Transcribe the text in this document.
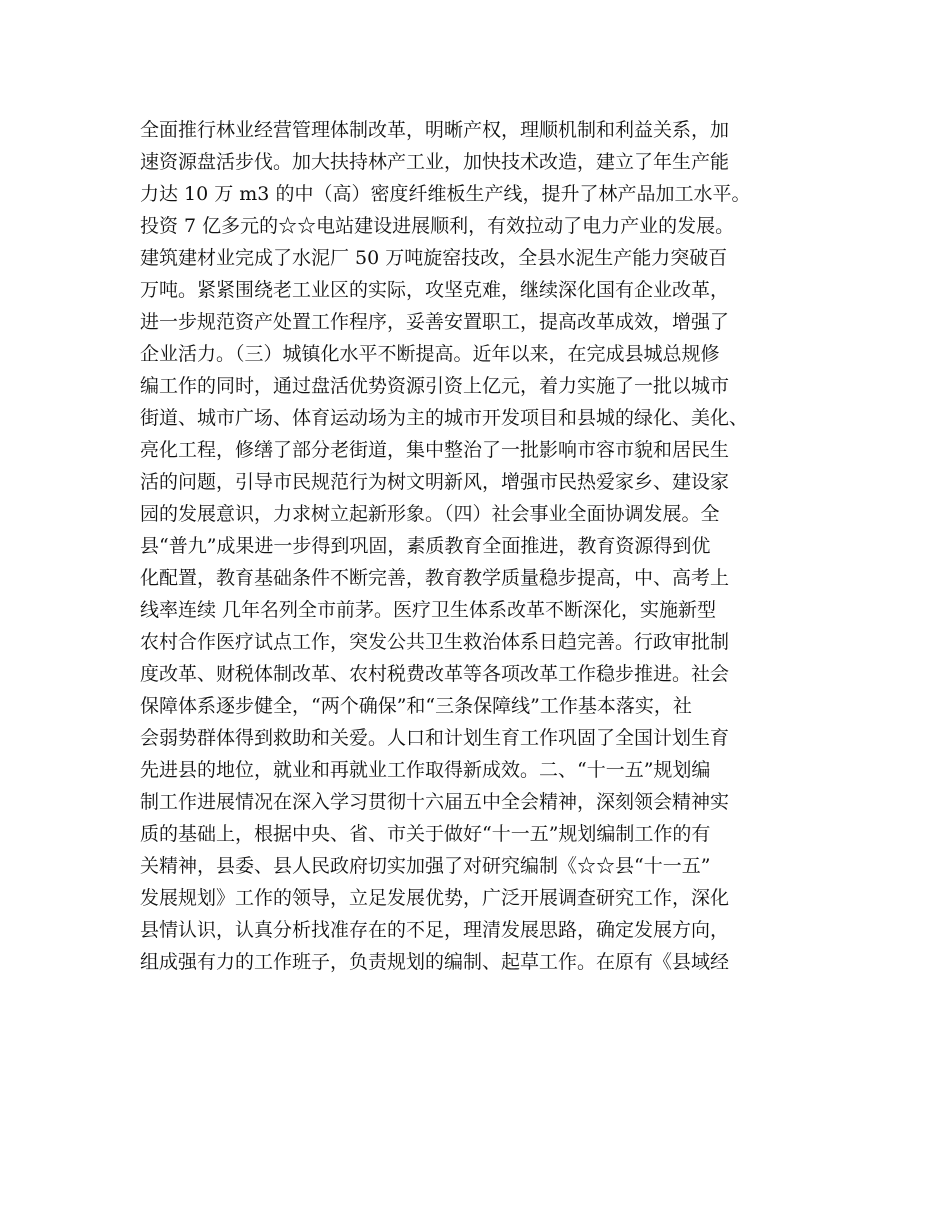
全面推行林业经营管理体制改革，明晰产权，理顺机制和利益关系，加
速资源盘活步伐。加大扶持林产工业，加快技术改造，建立了年生产能
力达 10 万 m3 的中（高）密度纤维板生产线，提升了林产品加工水平。
投资 7 亿多元的☆☆电站建设进展顺利，有效拉动了电力产业的发展。
建筑建材业完成了水泥厂 50 万吨旋窑技改，全县水泥生产能力突破百
万吨。紧紧围绕老工业区的实际，攻坚克难，继续深化国有企业改革，
进一步规范资产处置工作程序，妥善安置职工，提高改革成效，增强了
企业活力。（三）城镇化水平不断提高。近年以来，在完成县城总规修
编工作的同时，通过盘活优势资源引资上亿元，着力实施了一批以城市
街道、城市广场、体育运动场为主的城市开发项目和县城的绿化、美化、
亮化工程，修缮了部分老街道，集中整治了一批影响市容市貌和居民生
活的问题，引导市民规范行为树文明新风，增强市民热爱家乡、建设家
园的发展意识，力求树立起新形象。（四）社会事业全面协调发展。全
县“普九”成果进一步得到巩固，素质教育全面推进，教育资源得到优
化配置，教育基础条件不断完善，教育教学质量稳步提高，中、高考上
线率连续 几年名列全市前茅。医疗卫生体系改革不断深化，实施新型
农村合作医疗试点工作，突发公共卫生救治体系日趋完善。行政审批制
度改革、财税体制改革、农村税费改革等各项改革工作稳步推进。社会
保障体系逐步健全，“两个确保”和“三条保障线”工作基本落实，社
会弱势群体得到救助和关爱。人口和计划生育工作巩固了全国计划生育
先进县的地位，就业和再就业工作取得新成效。二、“十一五”规划编
制工作进展情况在深入学习贯彻十六届五中全会精神，深刻领会精神实
质的基础上，根据中央、省、市关于做好“十一五”规划编制工作的有
关精神，县委、县人民政府切实加强了对研究编制《☆☆县“十一五”
发展规划》工作的领导，立足发展优势，广泛开展调查研究工作，深化
县情认识，认真分析找准存在的不足，理清发展思路，确定发展方向，
组成强有力的工作班子，负责规划的编制、起草工作。在原有《县域经
